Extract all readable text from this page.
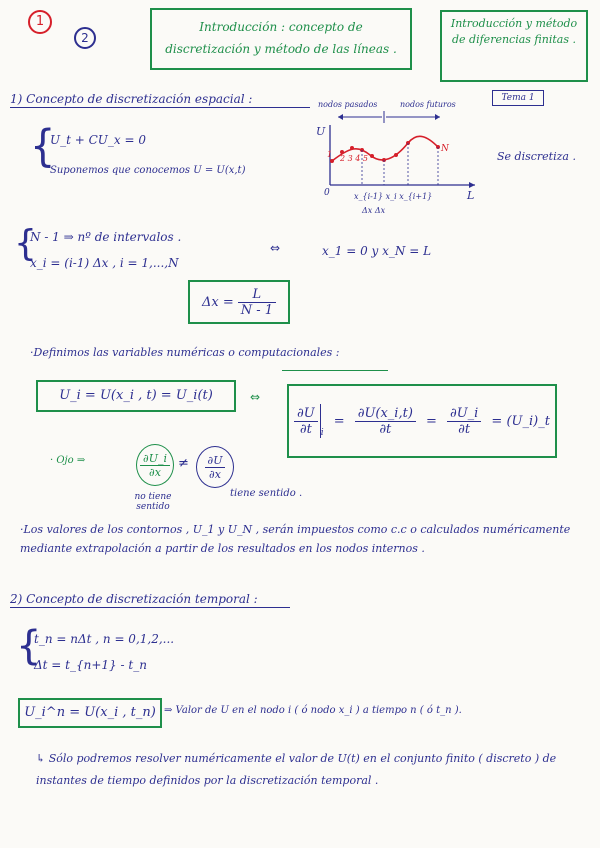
1
2
Introducción : concepto de discretización y método de las líneas .
Introducción y método de diferencias finitas .
Tema 1
1) Concepto de discretización espacial :
{
U_t + CU_x = 0
Suponemos que conocemos U = U(x,t)
nodos pasados	nodos futuros
U
L
0
1 2 3 4 5
N
x_{i-1} x_i x_{i+1}
Δx Δx
Se discretiza .
{
N - 1 ⇒ nº de intervalos .
x_i = (i-1) Δx , i = 1,...,N
⇔	x_1 = 0 y x_N = L
$\Delta x = \frac{L}{N - 1}$
·Definimos las variables numéricas o computacionales :
U_i = U(x_i , t) = U_i(t)	⇔
$\frac{\partial U}{\partial t} _i$
= $\frac{\partial U(x\_i,t)}{\partial t} = \frac{\partial U\_i}{\partial t}$ = (U_i)_t
· Ojo ⇒	$\frac{\partial U\_i}{\partial x} \ne \frac{\partial U}{\partial x}$
no tiene sentido
tiene sentido .
·Los valores de los contornos , U_1 y U_N , serán impuestos como c.c o calculados numéricamente mediante extrapolación a partir de los resultados en los nodos internos .
2) Concepto de discretización temporal :
{
t_n = nΔt , n = 0,1,2,...
Δt = t_{n+1} - t_n
U_i^n = U(x_i , t_n) ⇒ Valor de U en el nodo i ( ó nodo x_i ) a tiempo n ( ó t_n ).
↳ Sólo podremos resolver numéricamente el valor de U(t) en el conjunto finito ( discreto ) de instantes de tiempo definidos por la discretización temporal .
